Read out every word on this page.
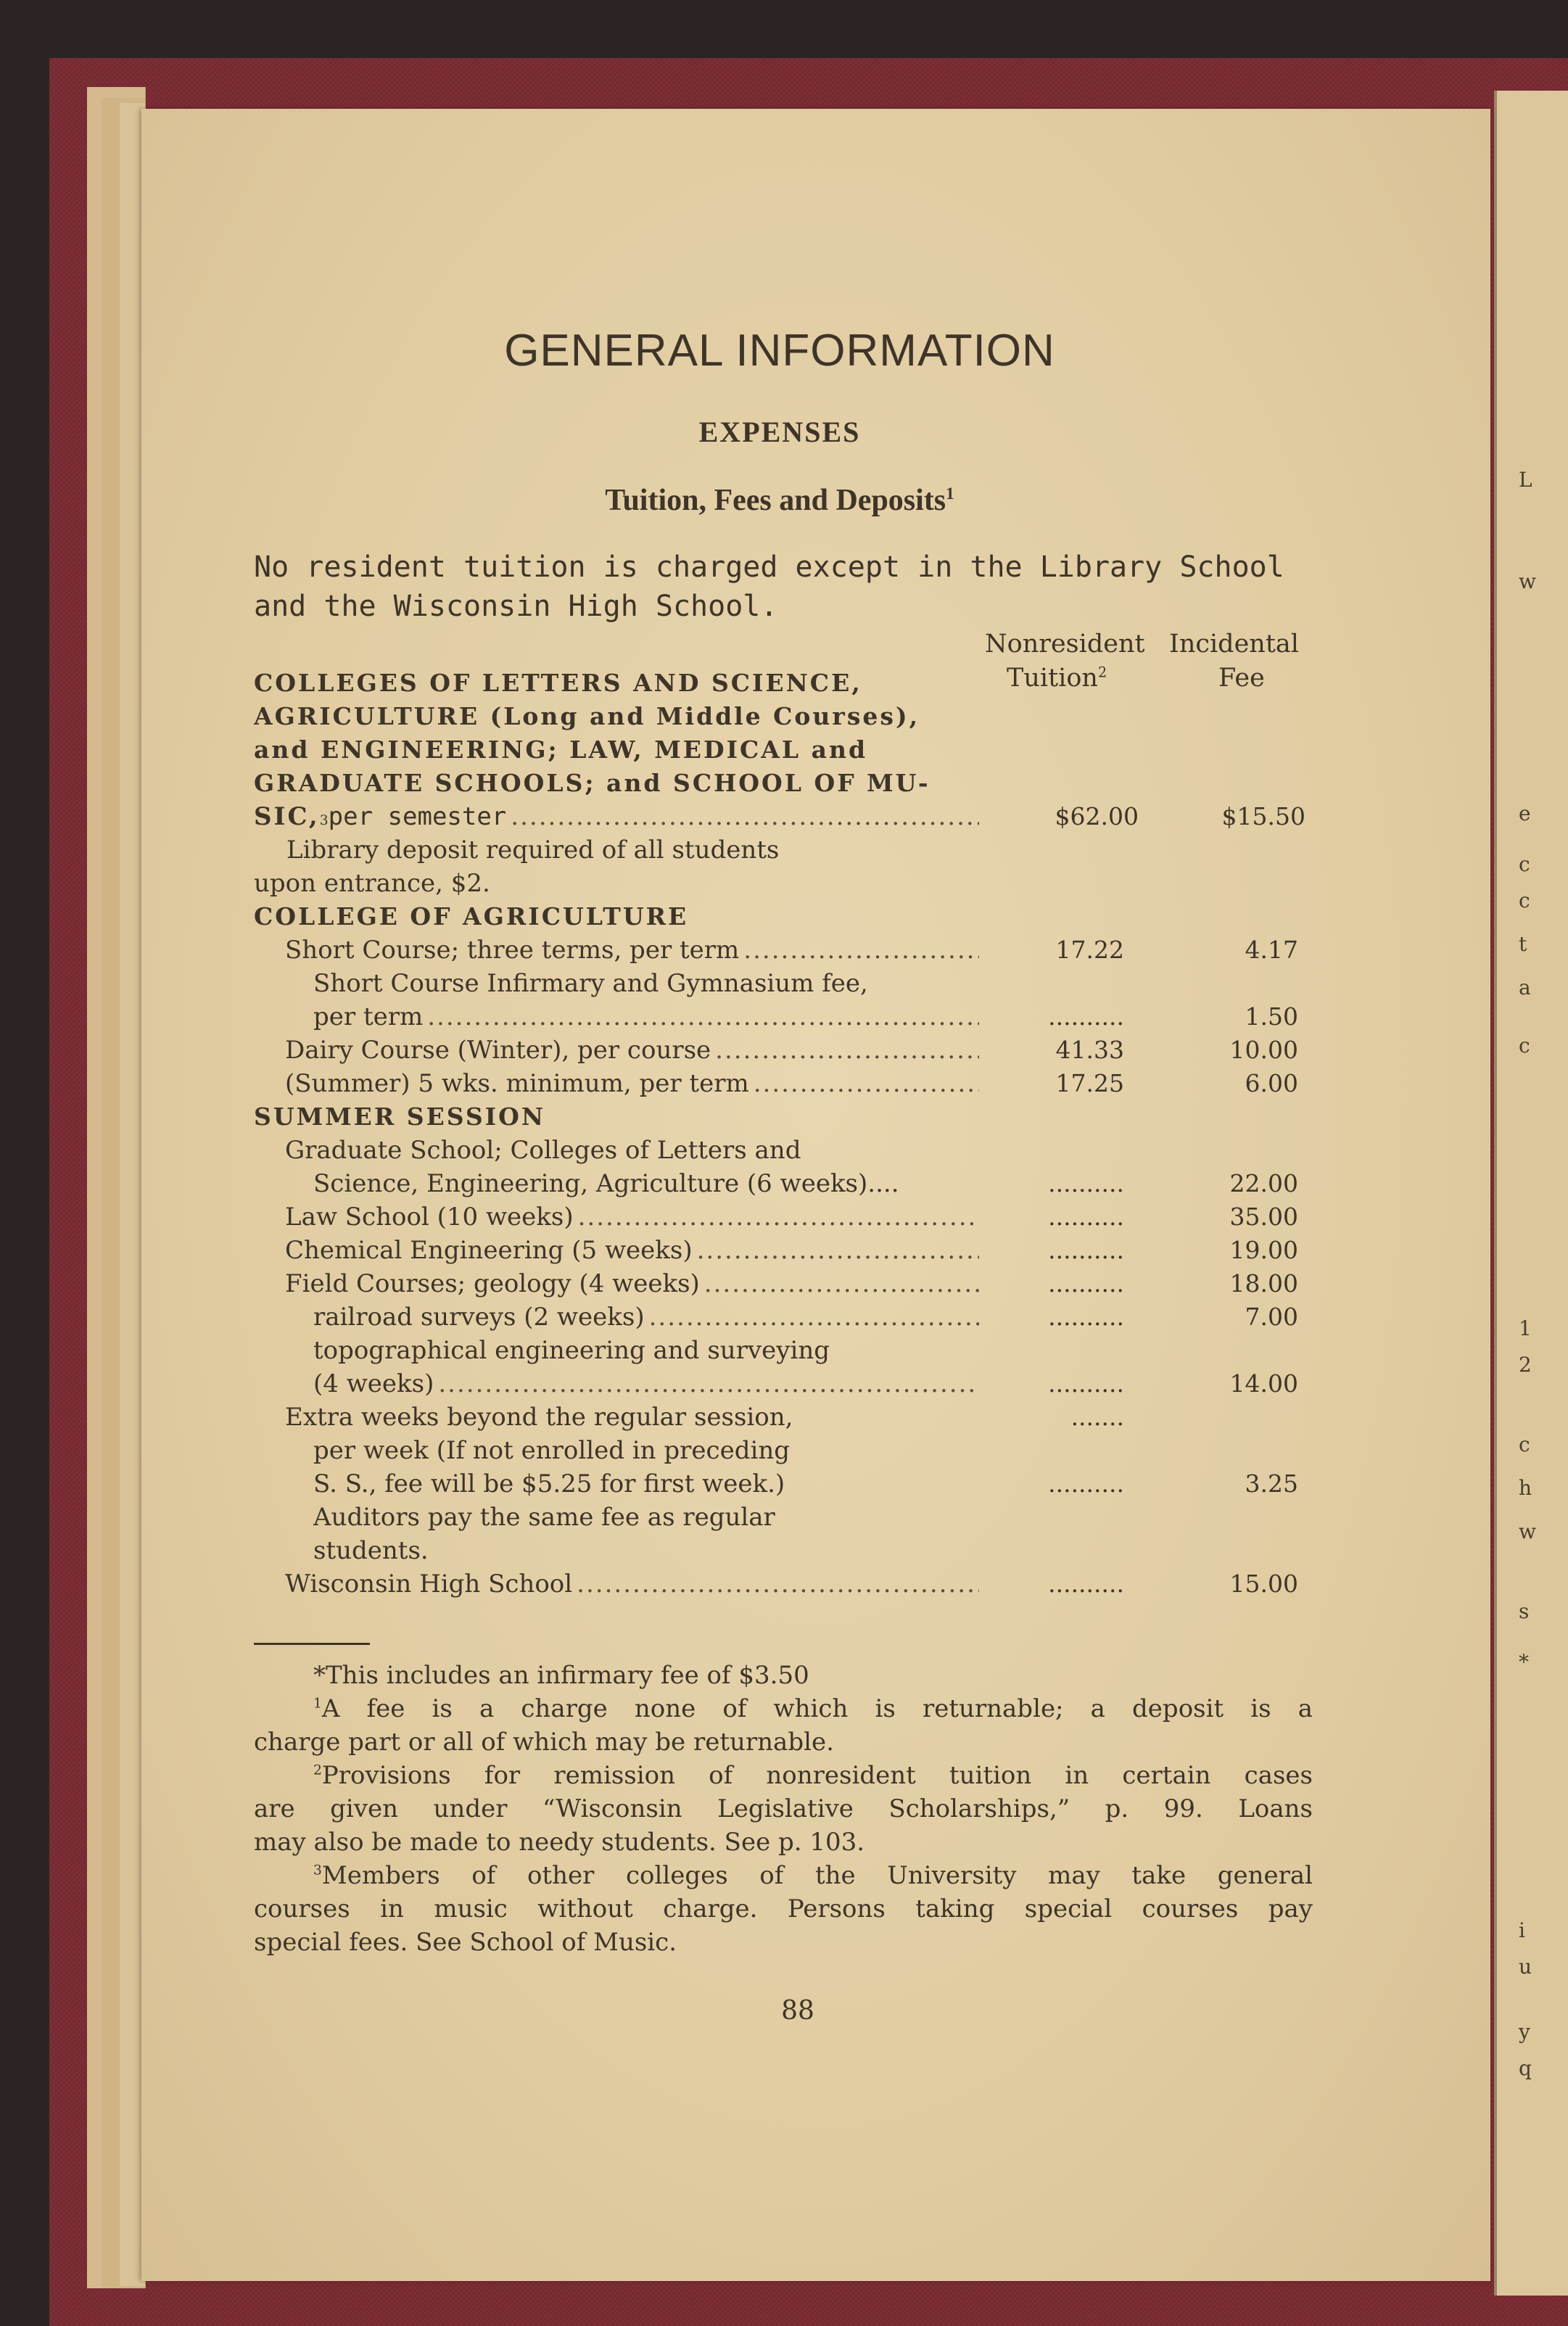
L
w
e
c
c
t
a
c
1
2
c
h
w
s
*
i
u
y
q
GENERAL INFORMATION
EXPENSES
Tuition, Fees and Deposits$^1$
No resident tuition is charged except in the Library School and the Wisconsin High School.
Nonresident Incidental
Tuition$^2$	Fee
COLLEGES OF LETTERS AND SCIENCE,
AGRICULTURE (Long and Middle Courses),
and ENGINEERING; LAW, MEDICAL and
GRADUATE SCHOOLS; and SCHOOL OF MU-
SIC, 3 per semester .....	$62.00	$15.50
Library deposit required of all students
upon entrance, $2.
COLLEGE OF AGRICULTURE
Short Course; three terms, per term .....	17.22	4.17
Short Course Infirmary and Gymnasium fee,
per term .....	..........	1.50
Dairy Course (Winter), per course .....	41.33	10.00
(Summer) 5 wks. minimum, per term .....	17.25	6.00
SUMMER SESSION
Graduate School; Colleges of Letters and
Science, Engineering, Agriculture (6 weeks)....	..........	22.00
Law School (10 weeks) .....	..........	35.00
Chemical Engineering (5 weeks) .....	..........	19.00
Field Courses; geology (4 weeks) .....	..........	18.00
railroad surveys (2 weeks) .....	..........	7.00
topographical engineering and surveying
(4 weeks) .....	..........	14.00
Extra weeks beyond the regular session,	.......
per week (If not enrolled in preceding
S. S., fee will be $5.25 for first week.)	..........	3.25
Auditors pay the same fee as regular
students.
Wisconsin High School .....	..........	15.00
*This includes an infirmary fee of $3.50
$^1$A fee is a charge none of which is returnable; a deposit is a
charge part or all of which may be returnable.
$^2$Provisions for remission of nonresident tuition in certain cases
are given under “Wisconsin Legislative Scholarships,” p. 99. Loans
may also be made to needy students. See p. 103.
$^3$Members of other colleges of the University may take general
courses in music without charge. Persons taking special courses pay
special fees. See School of Music.
88
